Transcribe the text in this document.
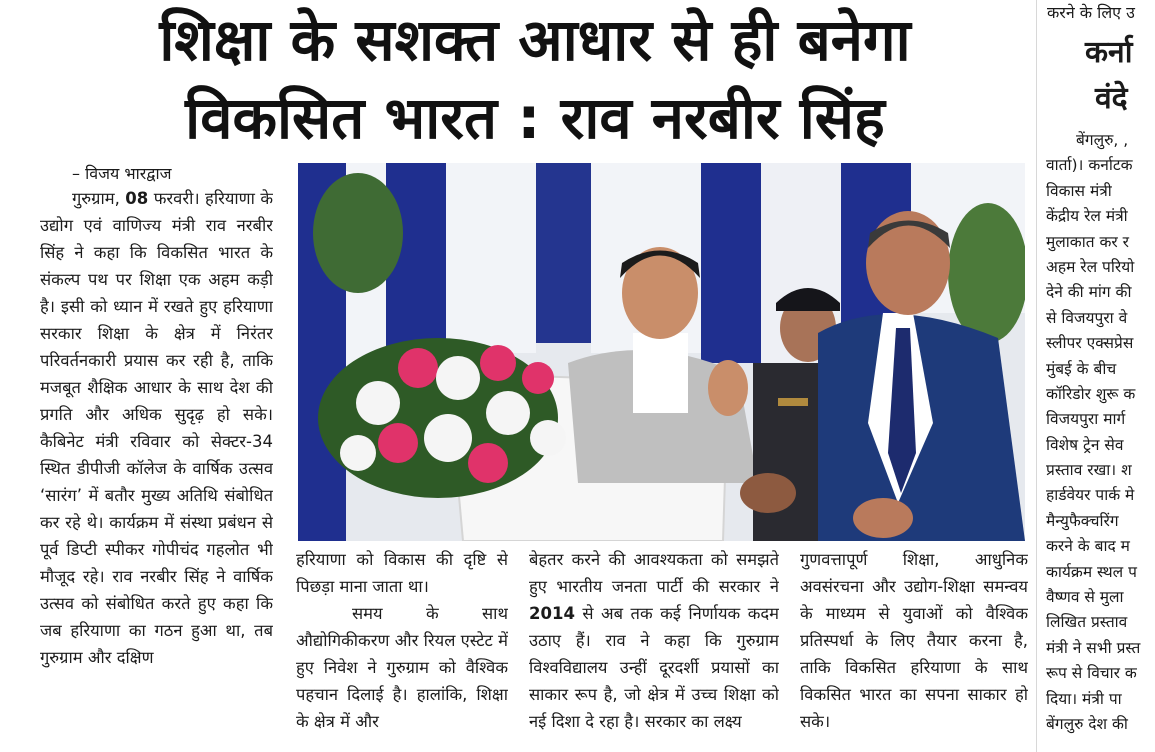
शिक्षा के सशक्त आधार से ही बनेगा
विकसित भारत : राव नरबीर सिंह
– विजय भारद्वाज

गुरुग्राम, 08 फरवरी। हरियाणा के उद्योग एवं वाणिज्य मंत्री राव नरबीर सिंह ने कहा कि विकसित भारत के संकल्प पथ पर शिक्षा एक अहम कड़ी है। इसी को ध्यान में रखते हुए हरियाणा सरकार शिक्षा के क्षेत्र में निरंतर परिवर्तनकारी प्रयास कर रही है, ताकि मजबूत शैक्षिक आधार के साथ देश की प्रगति और अधिक सुदृढ़ हो सके। कैबिनेट मंत्री रविवार को सेक्टर-34 स्थित डीपीजी कॉलेज के वार्षिक उत्सव ‘सारंग’ में बतौर मुख्य अतिथि संबोधित कर रहे थे। कार्यक्रम में संस्था प्रबंधन से पूर्व डिप्टी स्पीकर गोपीचंद गहलोत भी मौजूद रहे। राव नरबीर सिंह ने वार्षिक उत्सव को संबोधित करते हुए कहा कि जब हरियाणा का गठन हुआ था, तब गुरुग्राम और दक्षिण

हरियाणा को विकास की दृष्टि से पिछड़ा माना जाता था।
समय के साथ औद्योगिकीकरण और रियल एस्टेट में हुए निवेश ने गुरुग्राम को वैश्विक पहचान दिलाई है। हालांकि, शिक्षा के क्षेत्र में और

बेहतर करने की आवश्यकता को समझते हुए भारतीय जनता पार्टी की सरकार ने 2014 से अब तक कई निर्णायक कदम उठाए हैं। राव ने कहा कि गुरुग्राम विश्वविद्यालय उन्हीं दूरदर्शी प्रयासों का साकार रूप है, जो क्षेत्र में उच्च शिक्षा को नई दिशा दे रहा है। सरकार का लक्ष्य

गुणवत्तापूर्ण शिक्षा, आधुनिक अवसंरचना और उद्योग-शिक्षा समन्वय के माध्यम से युवाओं को वैश्विक प्रतिस्पर्धा के लिए तैयार करना है, ताकि विकसित हरियाणा के साथ विकसित भारत का सपना साकार हो सके।

करने के लिए उ
कर्ना
वंदे
बेंगलुरु, ,
वार्ता)। कर्नाटक
विकास मंत्री
केंद्रीय रेल मंत्री
मुलाकात कर र
अहम रेल परियो
देने की मांग की
से विजयपुरा वे
स्लीपर एक्सप्रेस
मुंबई के बीच
कॉरिडोर शुरू क
विजयपुरा मार्ग
विशेष ट्रेन सेव
प्रस्ताव रखा। श
हार्डवेयर पार्क मे
मैन्युफैक्चरिंग
करने के बाद म
कार्यक्रम स्थल प
वैष्णव से मुला
लिखित प्रस्ताव
मंत्री ने सभी प्रस्त
रूप से विचार क
दिया। मंत्री पा
बेंगलुरु देश की
